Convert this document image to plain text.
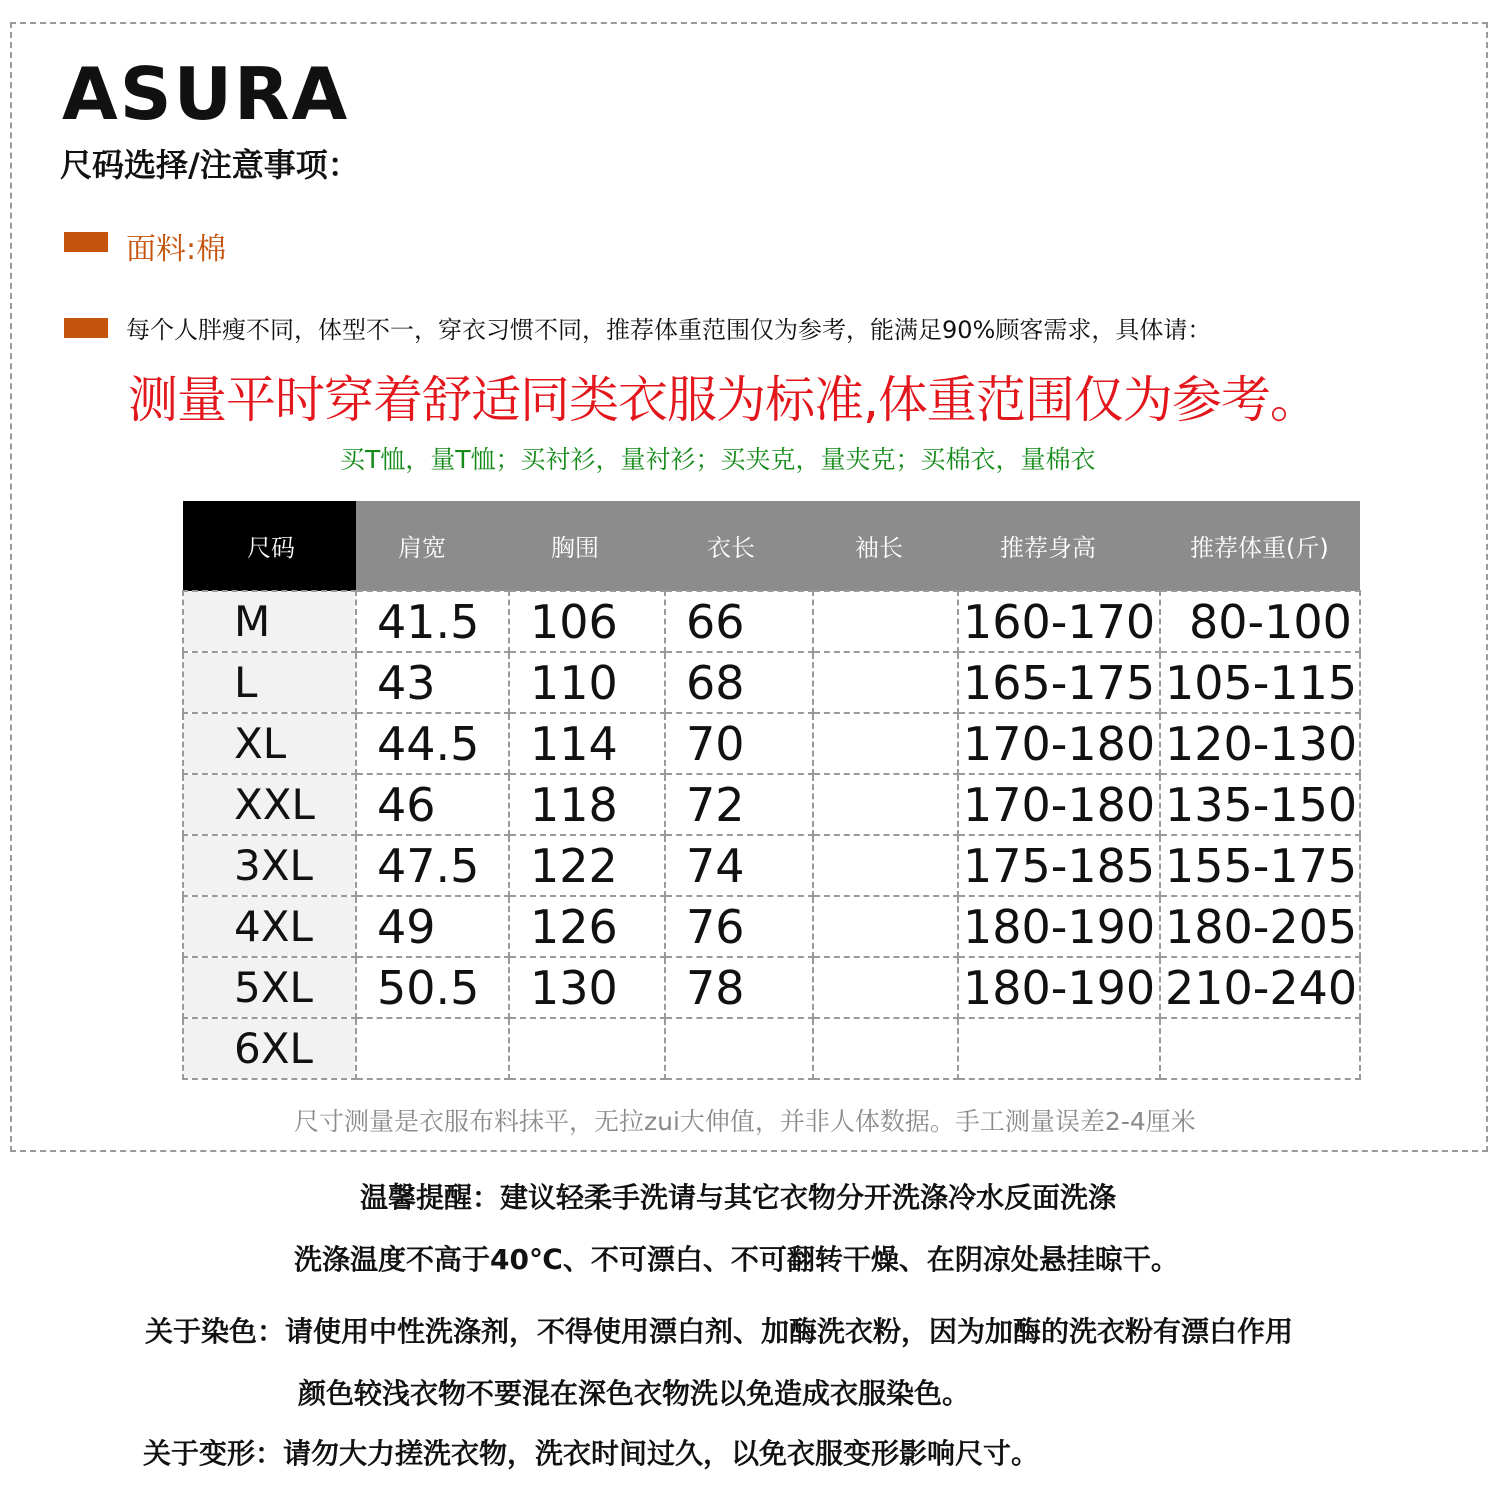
ASURA
尺码选择/注意事项：
面料:棉
每个人胖瘦不同，体型不一，穿衣习惯不同，推荐体重范围仅为参考，能满足90%顾客需求，具体请：
测量平时穿着舒适同类衣服为标准,体重范围仅为参考。
买T恤，量T恤；买衬衫，量衬衫；买夹克，量夹克；买棉衣，量棉衣
尺码	肩宽	胸围	衣长	袖长	推荐身高	推荐体重(斤)
M	41.5	106	66		160-170	80-100
L	43	110	68		165-175	105-115
XL	44.5	114	70		170-180	120-130
XXL	46	118	72		170-180	135-150
3XL	47.5	122	74		175-185	155-175
4XL	49	126	76		180-190	180-205
5XL	50.5	130	78		180-190	210-240
6XL						
尺寸测量是衣服布料抹平，无拉zui大伸值，并非人体数据。手工测量误差2-4厘米
温馨提醒：建议轻柔手洗请与其它衣物分开洗涤冷水反面洗涤
洗涤温度不高于40℃、不可漂白、不可翻转干燥、在阴凉处悬挂晾干。
关于染色：请使用中性洗涤剂，不得使用漂白剂、加酶洗衣粉，因为加酶的洗衣粉有漂白作用
颜色较浅衣物不要混在深色衣物洗以免造成衣服染色。
关于变形：请勿大力搓洗衣物，洗衣时间过久，以免衣服变形影响尺寸。
